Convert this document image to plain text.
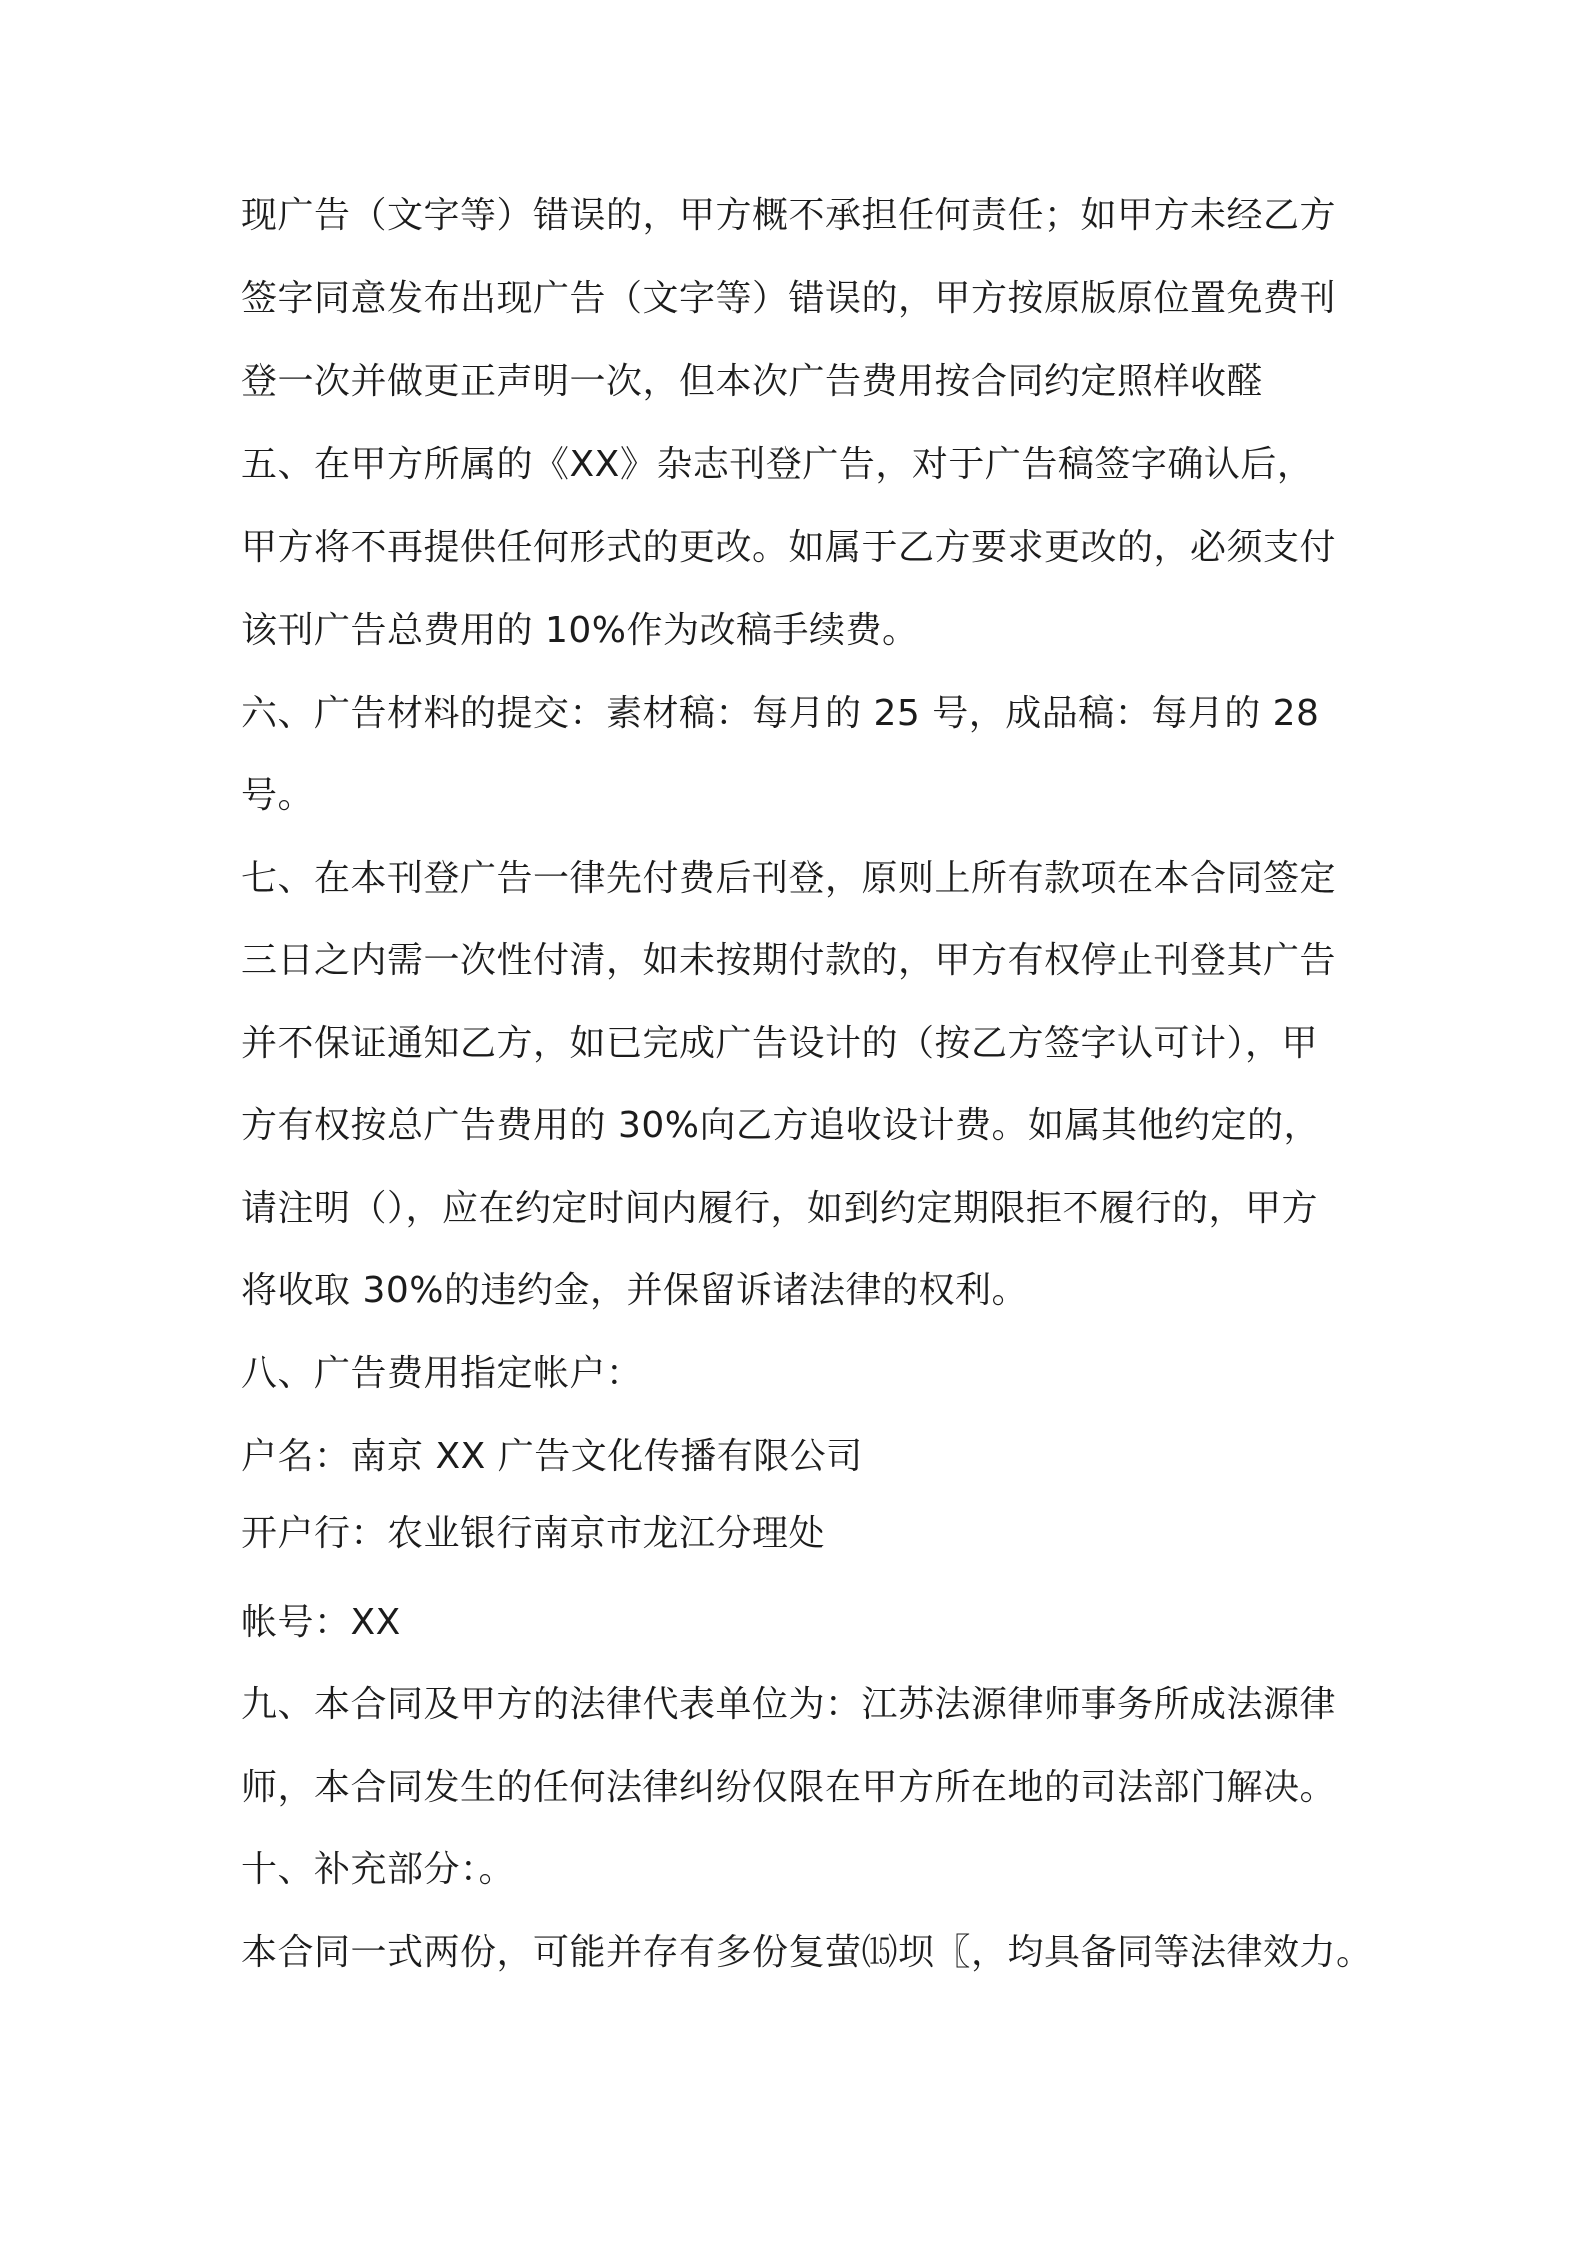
现广告（文字等）错误的，甲方概不承担任何责任；如甲方未经乙方
签字同意发布出现广告（文字等）错误的，甲方按原版原位置免费刊
登一次并做更正声明一次，但本次广告费用按合同约定照样收醛
五、在甲方所属的《XX》杂志刊登广告，对于广告稿签字确认后，
甲方将不再提供任何形式的更改。如属于乙方要求更改的，必须支付
该刊广告总费用的 10%作为改稿手续费。
六、广告材料的提交：素材稿：每月的 25 号，成品稿：每月的 28
号。
七、在本刊登广告一律先付费后刊登，原则上所有款项在本合同签定
三日之内需一次性付清，如未按期付款的，甲方有权停止刊登其广告
并不保证通知乙方，如已完成广告设计的（按乙方签字认可计），甲
方有权按总广告费用的 30%向乙方追收设计费。如属其他约定的，
请注明（），应在约定时间内履行，如到约定期限拒不履行的，甲方
将收取 30%的违约金，并保留诉诸法律的权利。
八、广告费用指定帐户：
户名：南京 XX 广告文化传播有限公司
开户行：农业银行南京市龙江分理处
帐号：XX
九、本合同及甲方的法律代表单位为：江苏法源律师事务所成法源律
师，本合同发生的任何法律纠纷仅限在甲方所在地的司法部门解决。
十、补充部分：。
本合同一式两份，可能并存有多份复萤⒂坝〖，均具备同等法律效力。
